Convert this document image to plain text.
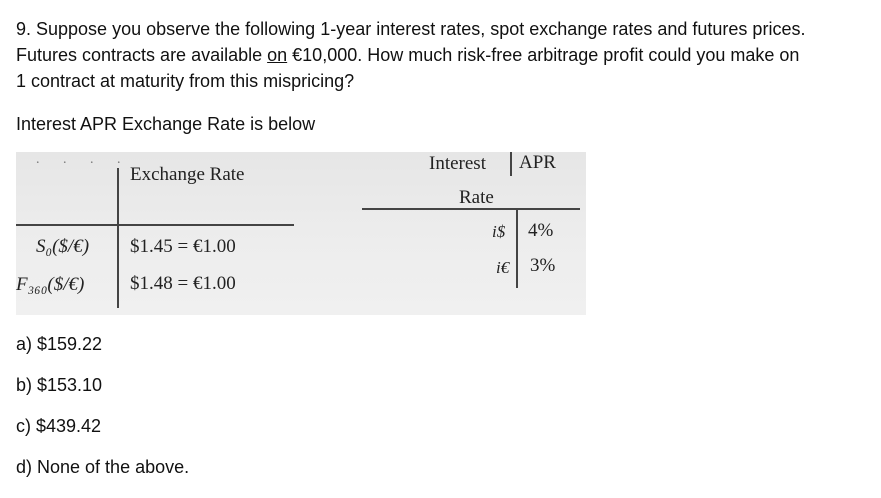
9. Suppose you observe the following 1-year interest rates, spot exchange rates and futures prices.
Futures contracts are available on €10,000. How much risk-free arbitrage profit could you make on
1 contract at maturity from this mispricing?
Interest APR Exchange Rate is below
. . . .
Exchange Rate
S₀($/€) $1.45 = €1.00
F₃₆₀($/€) $1.48 = €1.00
Interest APR
Rate
i$ 4%
i€ 3%
a) $159.22
b) $153.10
c) $439.42
d) None of the above.
